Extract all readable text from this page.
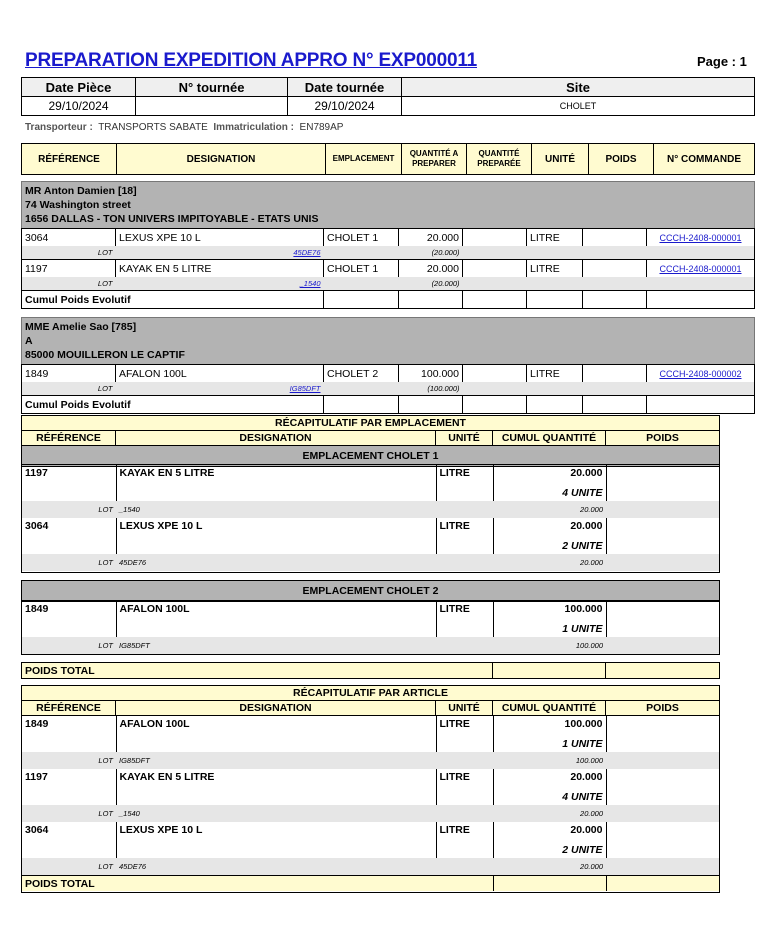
PREPARATION EXPEDITION APPRO N° EXP000011	Page : 1
Date Pièce	N° tournée	Date tournée	Site
29/10/2024		29/10/2024	CHOLET
Transporteur : TRANSPORTS SABATE Immatriculation : EN789AP
RÉFÉRENCE	DESIGNATION	EMPLACEMENT	QUANTITÉ A PREPARER	QUANTITÉ PREPARÉE	UNITÉ	POIDS	N° COMMANDE
MR Anton Damien [18]
74 Washington street
1656 DALLAS - TON UNIVERS IMPITOYABLE - ETATS UNIS
3064	LEXUS XPE 10 L	CHOLET 1	20.000		LITRE		CCCH-2408-000001
LOT	45DE76		(20.000)				
1197	KAYAK EN 5 LITRE	CHOLET 1	20.000		LITRE		CCCH-2408-000001
LOT	_1540		(20.000)				
Cumul Poids Evolutif							
MME Amelie Sao [785]
A
85000 MOUILLERON LE CAPTIF
1849	AFALON 100L	CHOLET 2	100.000		LITRE		CCCH-2408-000002
LOT	IG85DFT		(100.000)				
Cumul Poids Evolutif							
RÉCAPITULATIF PAR EMPLACEMENT
RÉFÉRENCE	DESIGNATION	UNITÉ	CUMUL QUANTITÉ	POIDS
EMPLACEMENT CHOLET 1
1197	KAYAK EN 5 LITRE	LITRE	20.000	
			4 UNITE	
LOT	_1540		20.000	
3064	LEXUS XPE 10 L	LITRE	20.000	
			2 UNITE	
LOT	45DE76		20.000	
EMPLACEMENT CHOLET 2
1849	AFALON 100L	LITRE	100.000	
			1 UNITE	
LOT	IG85DFT		100.000	
POIDS TOTAL		
RÉCAPITULATIF PAR ARTICLE
RÉFÉRENCE	DESIGNATION	UNITÉ	CUMUL QUANTITÉ	POIDS
1849	AFALON 100L	LITRE	100.000	
			1 UNITE	
LOT	IG85DFT		100.000	
1197	KAYAK EN 5 LITRE	LITRE	20.000	
			4 UNITE	
LOT	_1540		20.000	
3064	LEXUS XPE 10 L	LITRE	20.000	
			2 UNITE	
LOT	45DE76		20.000	
POIDS TOTAL				
